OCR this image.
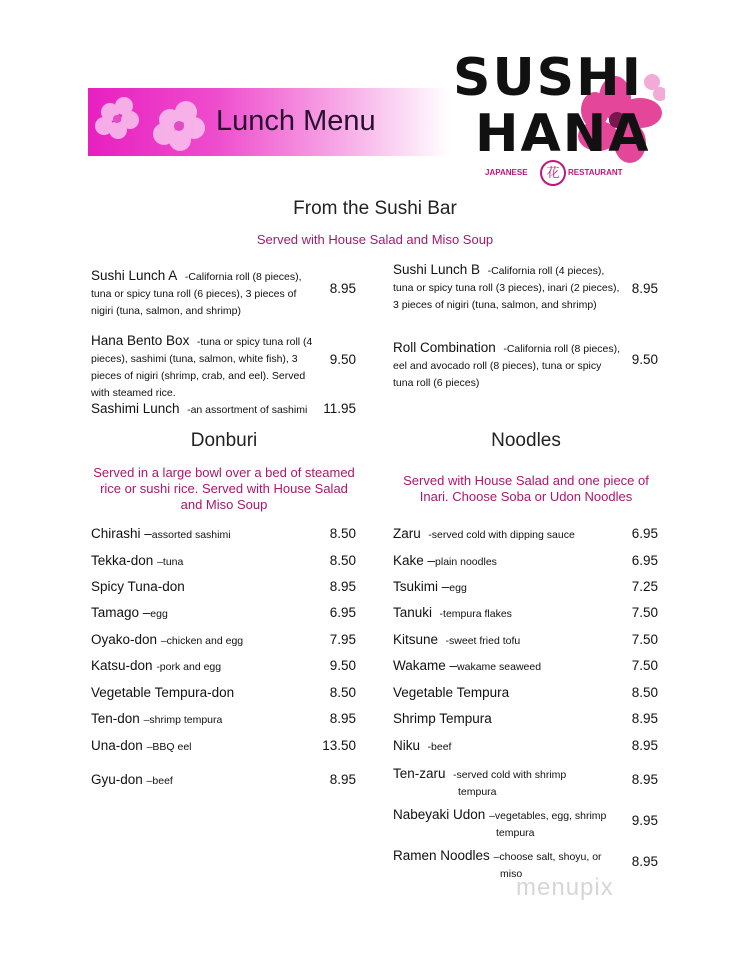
Lunch Menu
SUSHI
HANA
JAPANESE	花	RESTAURANT
From the Sushi Bar
Served with House Salad and Miso Soup
Sushi Lunch A -California roll (8 pieces), tuna or spicy tuna roll (6 pieces), 3 pieces of nigiri (tuna, salmon, and shrimp)
8.95
Hana Bento Box -tuna or spicy tuna roll (4 pieces), sashimi (tuna, salmon, white fish), 3 pieces of nigiri (shrimp, crab, and eel). Served with steamed rice.
9.50
Sashimi Lunch -an assortment of sashimi	11.95
Sushi Lunch B -California roll (4 pieces), tuna or spicy tuna roll (3 pieces), inari (2 pieces), 3 pieces of nigiri (tuna, salmon, and shrimp)
8.95
Roll Combination -California roll (8 pieces), eel and avocado roll (8 pieces), tuna or spicy tuna roll (6 pieces)
9.50
Donburi
Served in a large bowl over a bed of steamed rice or sushi rice. Served with House Salad and Miso Soup
Chirashi –assorted sashimi	8.50
Tekka-don –tuna	8.50
Spicy Tuna-don	8.95
Tamago –egg	6.95
Oyako-don –chicken and egg	7.95
Katsu-don -pork and egg	9.50
Vegetable Tempura-don	8.50
Ten-don –shrimp tempura	8.95
Una-don –BBQ eel	13.50
Gyu-don –beef	8.95
Noodles
Served with House Salad and one piece of Inari. Choose Soba or Udon Noodles
Zaru -served cold with dipping sauce	6.95
Kake –plain noodles	6.95
Tsukimi –egg	7.25
Tanuki -tempura flakes	7.50
Kitsune -sweet fried tofu	7.50
Wakame –wakame seaweed	7.50
Vegetable Tempura	8.50
Shrimp Tempura	8.95
Niku -beef	8.95
Ten-zaru -served cold with shrimp
tempura
8.95
Nabeyaki Udon –vegetables, egg, shrimp
tempura
9.95
Ramen Noodles –choose salt, shoyu, or
miso
8.95
menupix
